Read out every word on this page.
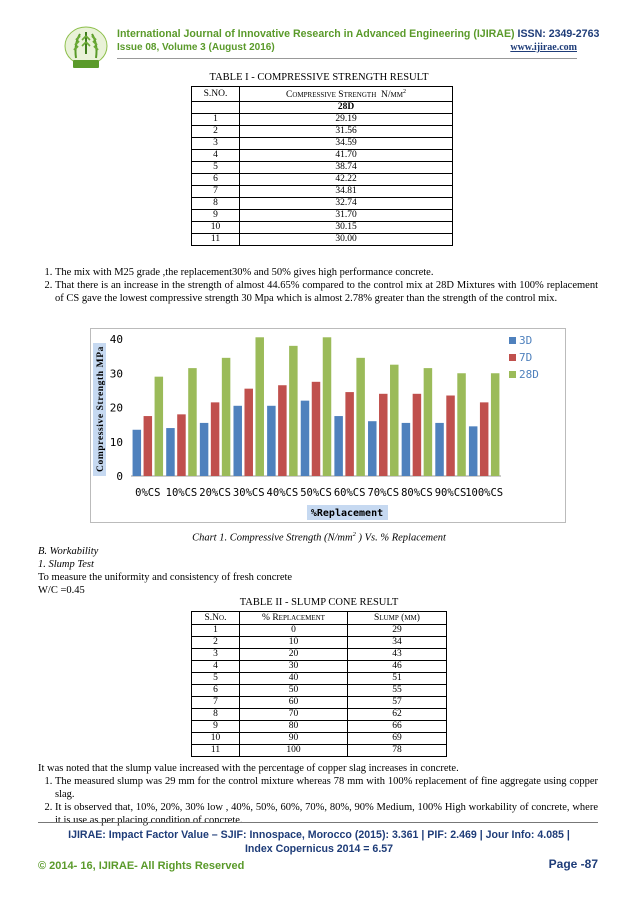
International Journal of Innovative Research in Advanced Engineering (IJIRAE) ISSN: 2349-2763
Issue 08, Volume 3 (August 2016)	www.ijirae.com
TABLE I - COMPRESSIVE STRENGTH RESULT
S.NO.	Compressive Strength $N/mm^2$
	28D
1	29.19
2	31.56
3	34.59
4	41.70
5	38.74
6	42.22
7	34.81
8	32.74
9	31.70
10	30.15
11	30.00
1. The mix with M25 grade ,the replacement30% and 50% gives high performance concrete.
2. That there is an increase in the strength of almost 44.65% compared to the control mix at 28D Mixtures with 100% replacement of CS gave the lowest compressive strength 30 Mpa which is almost 2.78% greater than the strength of the control mix.
Compressive Strength MPa
0
10
20
30
40
0%CS 10%CS 20%CS 30%CS 40%CS 50%CS 60%CS 70%CS 80%CS 90%CS
100%CS
3D
7D
28D
%Replacement
Chart 1. Compressive Strength ($N/mm^2$ ) Vs. % Replacement
B. Workability
1. Slump Test
To measure the uniformity and consistency of fresh concrete
W/C =0.45
TABLE II - SLUMP CONE RESULT
S.No.	% Replacement	Slump (mm)
1	0	29
2	10	34
3	20	43
4	30	46
5	40	51
6	50	55
7	60	57
8	70	62
9	80	66
10	90	69
11	100	78
It was noted that the slump value increased with the percentage of copper slag increases in concrete.
1. The measured slump was 29 mm for the control mixture whereas 78 mm with 100% replacement of fine aggregate using copper slag.
2. It is observed that, 10%, 20%, 30% low , 40%, 50%, 60%, 70%, 80%, 90% Medium, 100% High workability of concrete, where it is use as per placing condition of concrete.
IJIRAE: Impact Factor Value – SJIF: Innospace, Morocco (2015): 3.361 | PIF: 2.469 | Jour Info: 4.085 |
Index Copernicus 2014 = 6.57
© 2014- 16, IJIRAE- All Rights Reserved	Page -87
